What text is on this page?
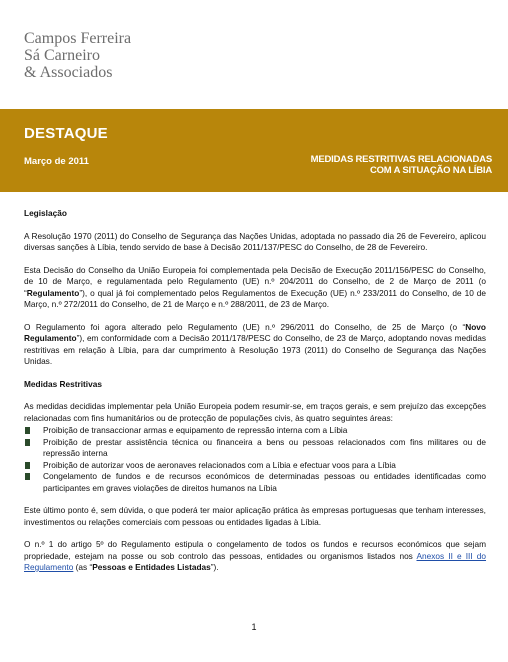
Campos Ferreira
Sá Carneiro
& Associados
DESTAQUE
Março de 2011	MEDIDAS RESTRITIVAS RELACIONADAS
COM A SITUAÇÃO NA LÍBIA
Legislação

A Resolução 1970 (2011) do Conselho de Segurança das Nações Unidas, adoptada no passado dia 26 de Fevereiro, aplicou diversas sanções à Líbia, tendo servido de base à Decisão 2011/137/PESC do Conselho, de 28 de Fevereiro.

Esta Decisão do Conselho da União Europeia foi complementada pela Decisão de Execução 2011/156/PESC do Conselho, de 10 de Março, e regulamentada pelo Regulamento (UE) n.º 204/2011 do Conselho, de 2 de Março de 2011 (o “Regulamento”), o qual já foi complementado pelos Regulamentos de Execução (UE) n.º 233/2011 do Conselho, de 10 de Março, n.º 272/2011 do Conselho, de 21 de Março e n.º 288/2011, de 23 de Março.

O Regulamento foi agora alterado pelo Regulamento (UE) n.º 296/2011 do Conselho, de 25 de Março (o “Novo Regulamento”), em conformidade com a Decisão 2011/178/PESC do Conselho, de 23 de Março, adoptando novas medidas restritivas em relação à Líbia, para dar cumprimento à Resolução 1973 (2011) do Conselho de Segurança das Nações Unidas.

Medidas Restritivas

As medidas decididas implementar pela União Europeia podem resumir-se, em traços gerais, e sem prejuízo das excepções relacionadas com fins humanitários ou de protecção de populações civis, às quatro seguintes áreas:

Proibição de transaccionar armas e equipamento de repressão interna com a Líbia
Proibição de prestar assistência técnica ou financeira a bens ou pessoas relacionados com fins militares ou de repressão interna
Proibição de autorizar voos de aeronaves relacionados com a Líbia e efectuar voos para a Líbia
Congelamento de fundos e de recursos económicos de determinadas pessoas ou entidades identificadas como participantes em graves violações de direitos humanos na Líbia

Este último ponto é, sem dúvida, o que poderá ter maior aplicação prática às empresas portuguesas que tenham interesses, investimentos ou relações comerciais com pessoas ou entidades ligadas à Líbia.

O n.º 1 do artigo 5º do Regulamento estipula o congelamento de todos os fundos e recursos económicos que sejam propriedade, estejam na posse ou sob controlo das pessoas, entidades ou organismos listados nos Anexos II e III do Regulamento (as “Pessoas e Entidades Listadas”).

1
